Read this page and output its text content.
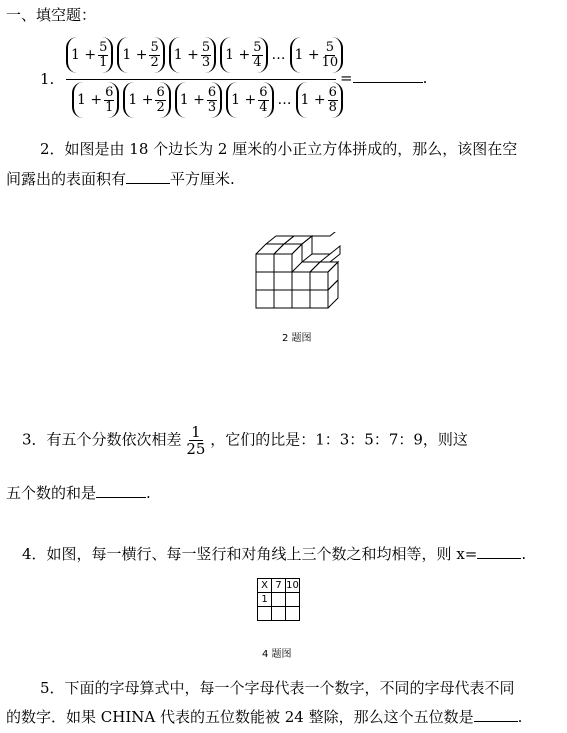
一、填空题：
1.
$1 + \frac{5}{1} 1 + \frac{5}{2} 1 + \frac{5}{3} 1 + \frac{5}{4}$ … $1 + \frac{5}{10}$
$1 + \frac{6}{1} 1 + \frac{6}{2} 1 + \frac{6}{3} 1 + \frac{6}{4}$ … $1 + \frac{6}{8}$
=	.
2．如图是由 18 个边长为 2 厘米的小正立方体拼成的，那么，该图在空
间露出的表面积有	平方厘米.
2 题图
3．有五个分数依次相差 $\frac{1}{25}$ ，它们的比是：1：3：5：7：9，则这
五个数的和是	.
4．如图，每一横行、每一竖行和对角线上三个数之和均相等，则 x=	.
X	7	10
1		

4 题图
5．下面的字母算式中，每一个字母代表一个数字，不同的字母代表不同
的数字．如果 CHINA 代表的五位数能被 24 整除，那么这个五位数是	.
